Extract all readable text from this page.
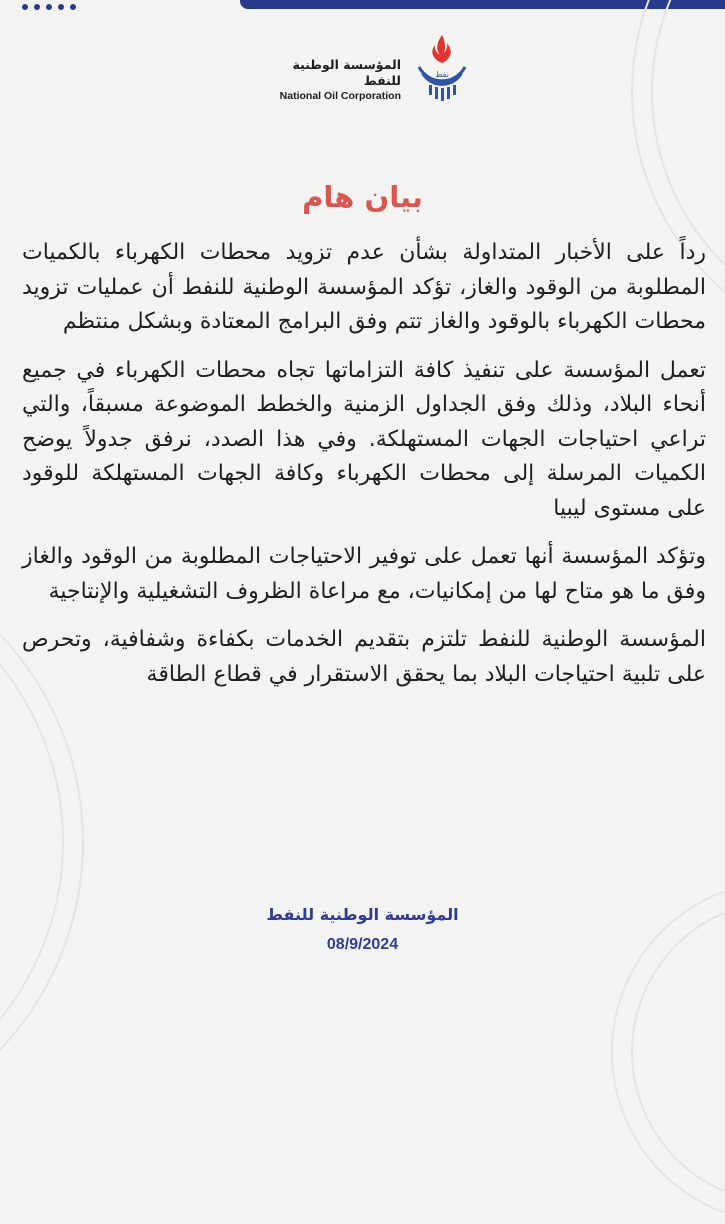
المؤسسة الوطنية للنفط
National Oil Corporation
نفط
بيان هام

رداً على الأخبار المتداولة بشأن عدم تزويد محطات الكهرباء بالكميات المطلوبة من الوقود والغاز، تؤكد المؤسسة الوطنية للنفط أن عمليات تزويد محطات الكهرباء بالوقود والغاز تتم وفق البرامج المعتادة وبشكل منتظم

تعمل المؤسسة على تنفيذ كافة التزاماتها تجاه محطات الكهرباء في جميع أنحاء البلاد، وذلك وفق الجداول الزمنية والخطط الموضوعة مسبقاً، والتي تراعي احتياجات الجهات المستهلكة. وفي هذا الصدد، نرفق جدولاً يوضح الكميات المرسلة إلى محطات الكهرباء وكافة الجهات المستهلكة للوقود على مستوى ليبيا

وتؤكد المؤسسة أنها تعمل على توفير الاحتياجات المطلوبة من الوقود والغاز وفق ما هو متاح لها من إمكانيات، مع مراعاة الظروف التشغيلية والإنتاجية

المؤسسة الوطنية للنفط تلتزم بتقديم الخدمات بكفاءة وشفافية، وتحرص على تلبية احتياجات البلاد بما يحقق الاستقرار في قطاع الطاقة

المؤسسة الوطنية للنفط
08/9/2024
